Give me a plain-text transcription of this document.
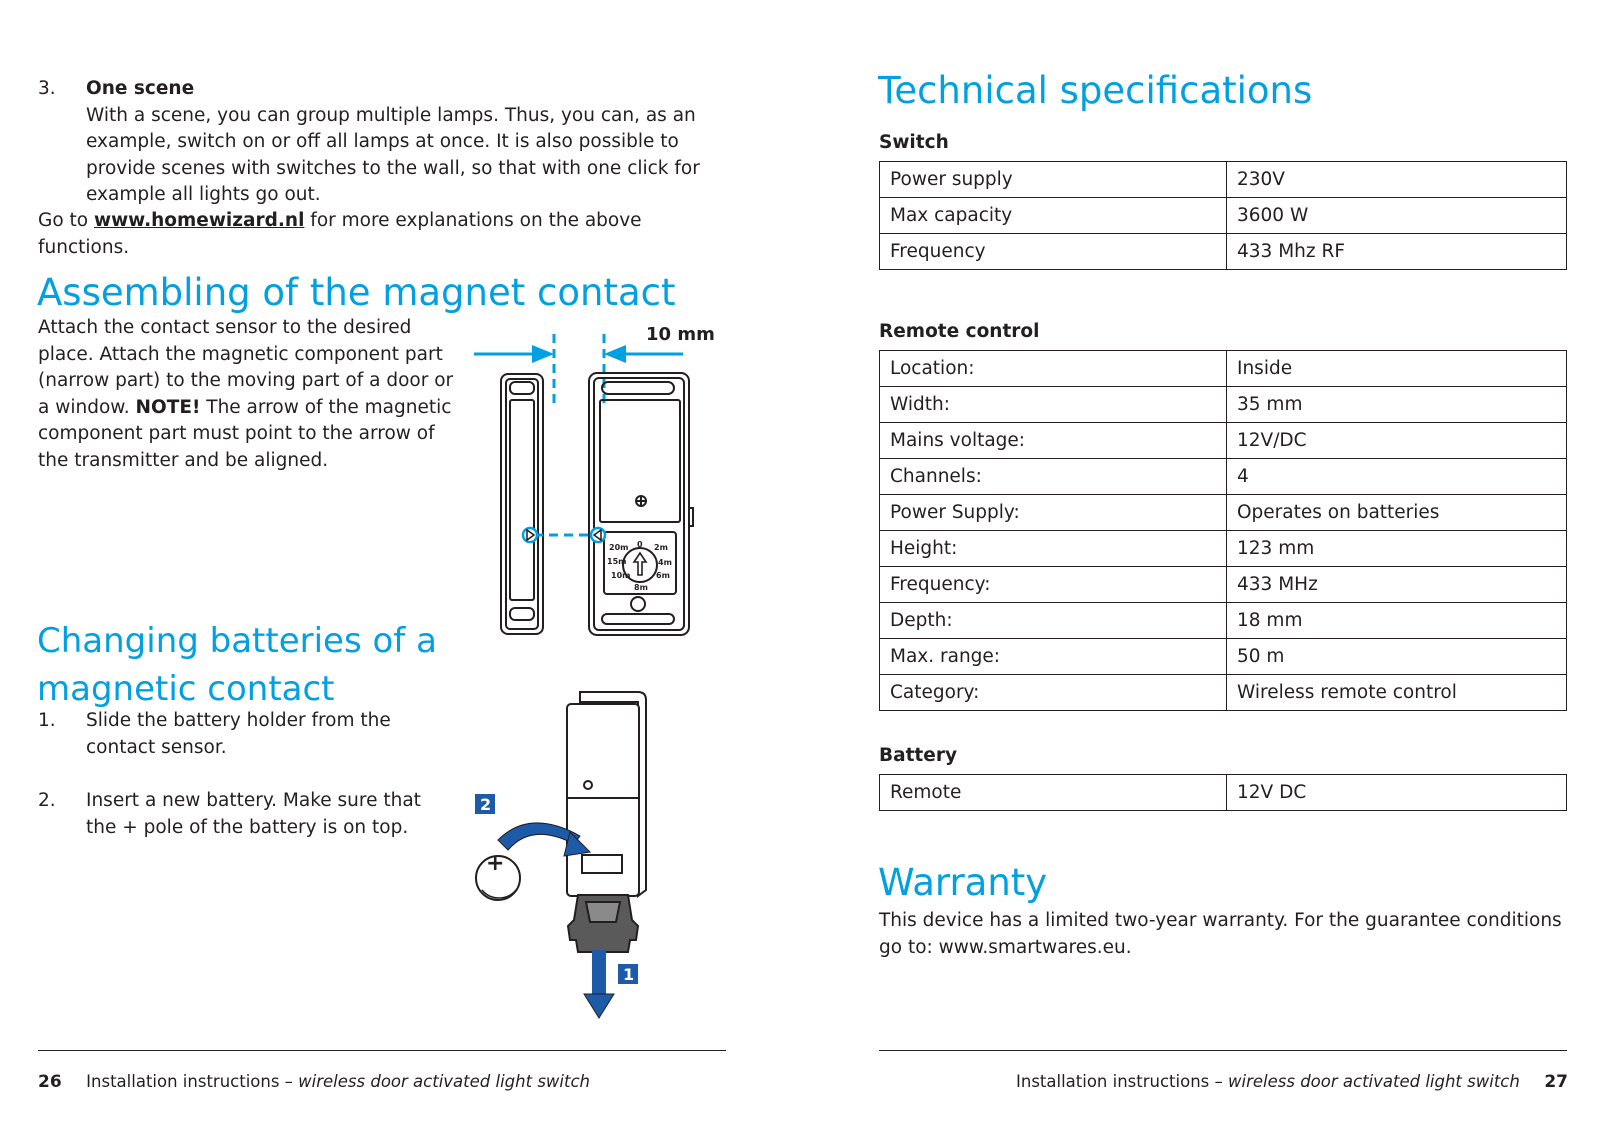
3. One scene
With a scene, you can group multiple lamps. Thus, you can, as an example, switch on or off all lamps at once. It is also possible to provide scenes with switches to the wall, so that with one click for example all lights go out.
Go to www.homewizard.nl for more explanations on the above functions.
Assembling of the magnet contact
Attach the contact sensor to the desired place. Attach the magnetic component part (narrow part) to the moving part of a door or a window. NOTE! The arrow of the magnetic component part must point to the arrow of the transmitter and be aligned.
10 mm
20m 0 2m
15m	4m
10m	6m
8m
Changing batteries of a
magnetic contact
1. Slide the battery holder from the contact sensor.
2. Insert a new battery. Make sure that the + pole of the battery is on top.
+
2
1
26 Installation instructions – wireless door activated light switch
Technical specifications
Switch
Power supply	230V
Max capacity	3600 W
Frequency	433 Mhz RF
Remote control
Location:	Inside
Width:	35 mm
Mains voltage:	12V/DC
Channels:	4
Power Supply:	Operates on batteries
Height:	123 mm
Frequency:	433 MHz
Depth:	18 mm
Max. range:	50 m
Category:	Wireless remote control
Battery
Remote	12V DC
Warranty
This device has a limited two-year warranty. For the guarantee conditions go to: www.smartwares.eu.
Installation instructions – wireless door activated light switch 27
